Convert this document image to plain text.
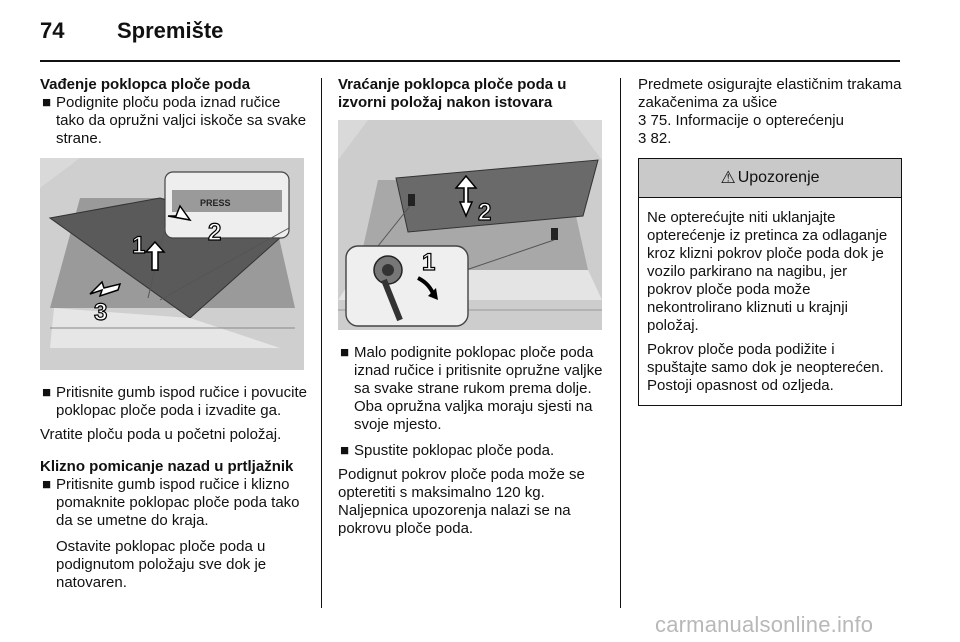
74 Spremište

Vađenje poklopca ploče poda

■ Podignite ploču poda iznad ručice tako da opružni valjci iskoče sa svake strane.

PRESS
1	2
3

■ Pritisnite gumb ispod ručice i povucite poklopac ploče poda i izvadite ga.

Vratite ploču poda u početni položaj.

Klizno pomicanje nazad u prtljažnik

■ Pritisnite gumb ispod ručice i klizno pomaknite poklopac ploče poda tako da se umetne do kraja.

Ostavite poklopac ploče poda u podignutom položaju sve dok je natovaren.

Vraćanje poklopca ploče poda u izvorni položaj nakon istovara

2
1

■ Malo podignite poklopac ploče poda iznad ručice i pritisnite opružne valjke sa svake strane rukom prema dolje. Oba opružna valjka moraju sjesti na svoje mjesto.

■ Spustite poklopac ploče poda.

Podignut pokrov ploče poda može se opteretiti s maksimalno 120 kg.

Naljepnica upozorenja nalazi se na pokrovu ploče poda.

Predmete osigurajte elastičnim trakama zakačenima za ušice

3 75. Informacije o opterećenju

3 82.

⚠ Upozorenje

Ne opterećujte niti uklanjajte opterećenje iz pretinca za odlaganje kroz klizni pokrov ploče poda dok je vozilo parkirano na nagibu, jer pokrov ploče poda može nekontrolirano kliznuti u krajnji položaj.

Pokrov ploče poda podižite i spuštajte samo dok je neopterećen. Postoji opasnost od ozljeda.

carmanualsonline.info
